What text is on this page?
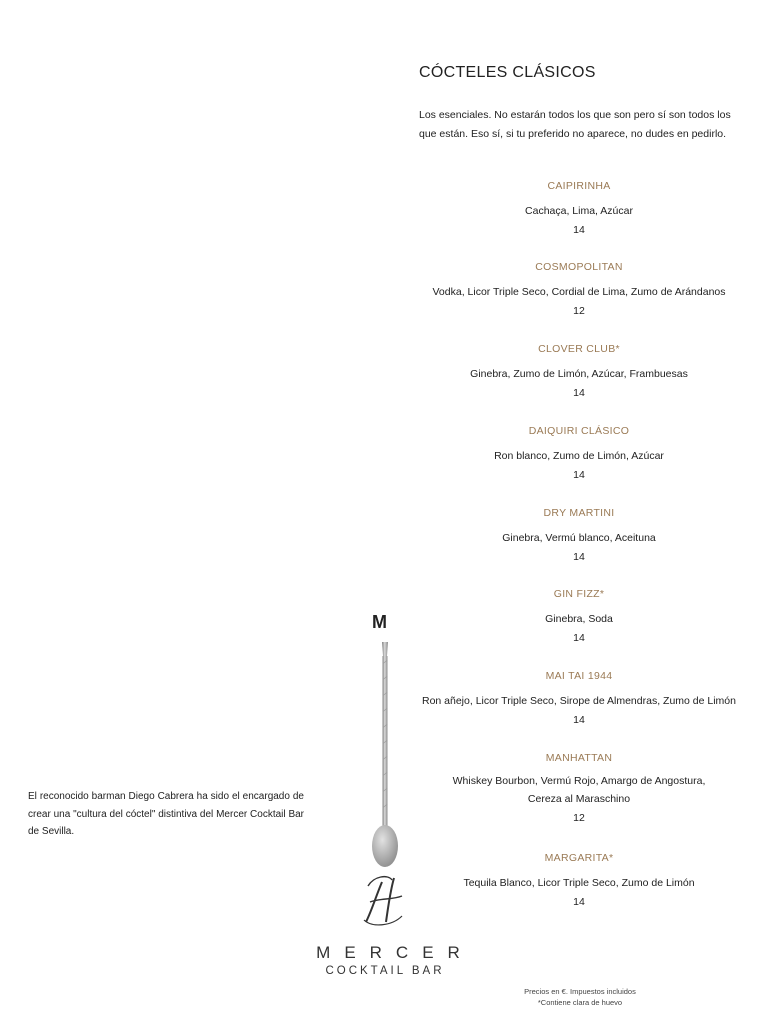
CÓCTELES CLÁSICOS
Los esenciales. No estarán todos los que son pero sí son todos los que están. Eso sí, si tu preferido no aparece, no dudes en pedirlo.
CAIPIRINHA
Cachaça, Lima, Azúcar
14
COSMOPOLITAN
Vodka, Licor Triple Seco, Cordial de Lima, Zumo de Arándanos
12
CLOVER CLUB*
Ginebra, Zumo de Limón, Azúcar, Frambuesas
14
DAIQUIRI CLÁSICO
Ron blanco, Zumo de Limón, Azúcar
14
DRY MARTINI
Ginebra, Vermú blanco, Aceituna
14
GIN FIZZ*
Ginebra, Soda
14
MAI TAI 1944
Ron añejo, Licor Triple Seco, Sirope de Almendras, Zumo de Limón
14
MANHATTAN
Whiskey Bourbon, Vermú Rojo, Amargo de Angostura, Cereza al Maraschino
12
MARGARITA*
Tequila Blanco, Licor Triple Seco, Zumo de Limón
14
El reconocido barman Diego Cabrera ha sido el encargado de crear una "cultura del cóctel" distintiva del Mercer Cocktail Bar de Sevilla.
M
MERCER
COCKTAIL BAR
Precios en €. Impuestos incluidos
*Contiene clara de huevo
